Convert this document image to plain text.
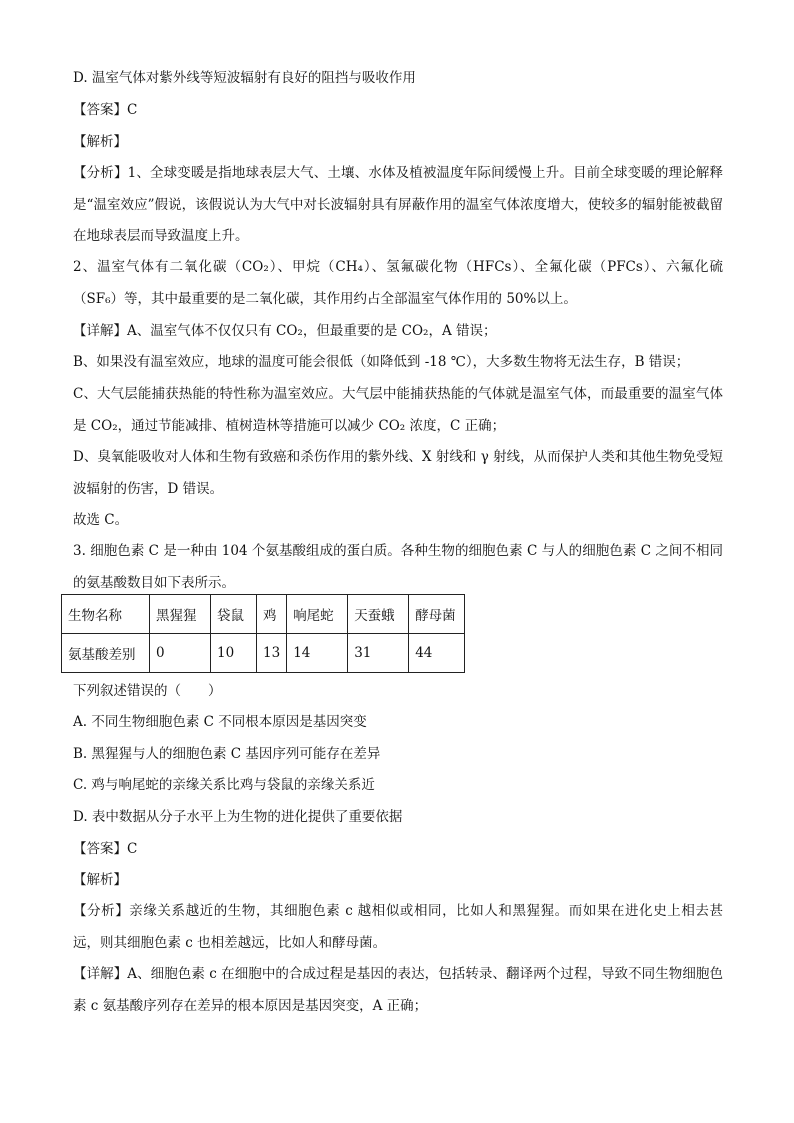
D. 温室气体对紫外线等短波辐射有良好的阻挡与吸收作用
【答案】C
【解析】
【分析】1、全球变暖是指地球表层大气、土壤、水体及植被温度年际间缓慢上升。目前全球变暖的理论解释是“温室效应”假说，该假说认为大气中对长波辐射具有屏蔽作用的温室气体浓度增大，使较多的辐射能被截留在地球表层而导致温度上升。
2、温室气体有二氧化碳（CO₂）、甲烷（CH₄）、氢氟碳化物（HFCs）、全氟化碳（PFCs）、六氟化硫（SF₆）等，其中最重要的是二氧化碳，其作用约占全部温室气体作用的 50%以上。
【详解】A、温室气体不仅仅只有 CO₂，但最重要的是 CO₂，A 错误；
B、如果没有温室效应，地球的温度可能会很低（如降低到 -18 ℃），大多数生物将无法生存，B 错误；
C、大气层能捕获热能的特性称为温室效应。大气层中能捕获热能的气体就是温室气体，而最重要的温室气体是 CO₂，通过节能减排、植树造林等措施可以减少 CO₂ 浓度，C 正确；
D、臭氧能吸收对人体和生物有致癌和杀伤作用的紫外线、X 射线和 γ 射线，从而保护人类和其他生物免受短波辐射的伤害，D 错误。
故选 C。
3. 细胞色素 C 是一种由 104 个氨基酸组成的蛋白质。各种生物的细胞色素 C 与人的细胞色素 C 之间不相同的氨基酸数目如下表所示。
生物名称	黑猩猩	袋鼠	鸡	响尾蛇	天蚕蛾	酵母菌
氨基酸差别	0	10	13	14	31	44
下列叙述错误的（　　）
A. 不同生物细胞色素 C 不同根本原因是基因突变
B. 黑猩猩与人的细胞色素 C 基因序列可能存在差异
C. 鸡与响尾蛇的亲缘关系比鸡与袋鼠的亲缘关系近
D. 表中数据从分子水平上为生物的进化提供了重要依据
【答案】C
【解析】
【分析】亲缘关系越近的生物，其细胞色素 c 越相似或相同，比如人和黑猩猩。而如果在进化史上相去甚远，则其细胞色素 c 也相差越远，比如人和酵母菌。
【详解】A、细胞色素 c 在细胞中的合成过程是基因的表达，包括转录、翻译两个过程，导致不同生物细胞色素 c 氨基酸序列存在差异的根本原因是基因突变，A 正确；
